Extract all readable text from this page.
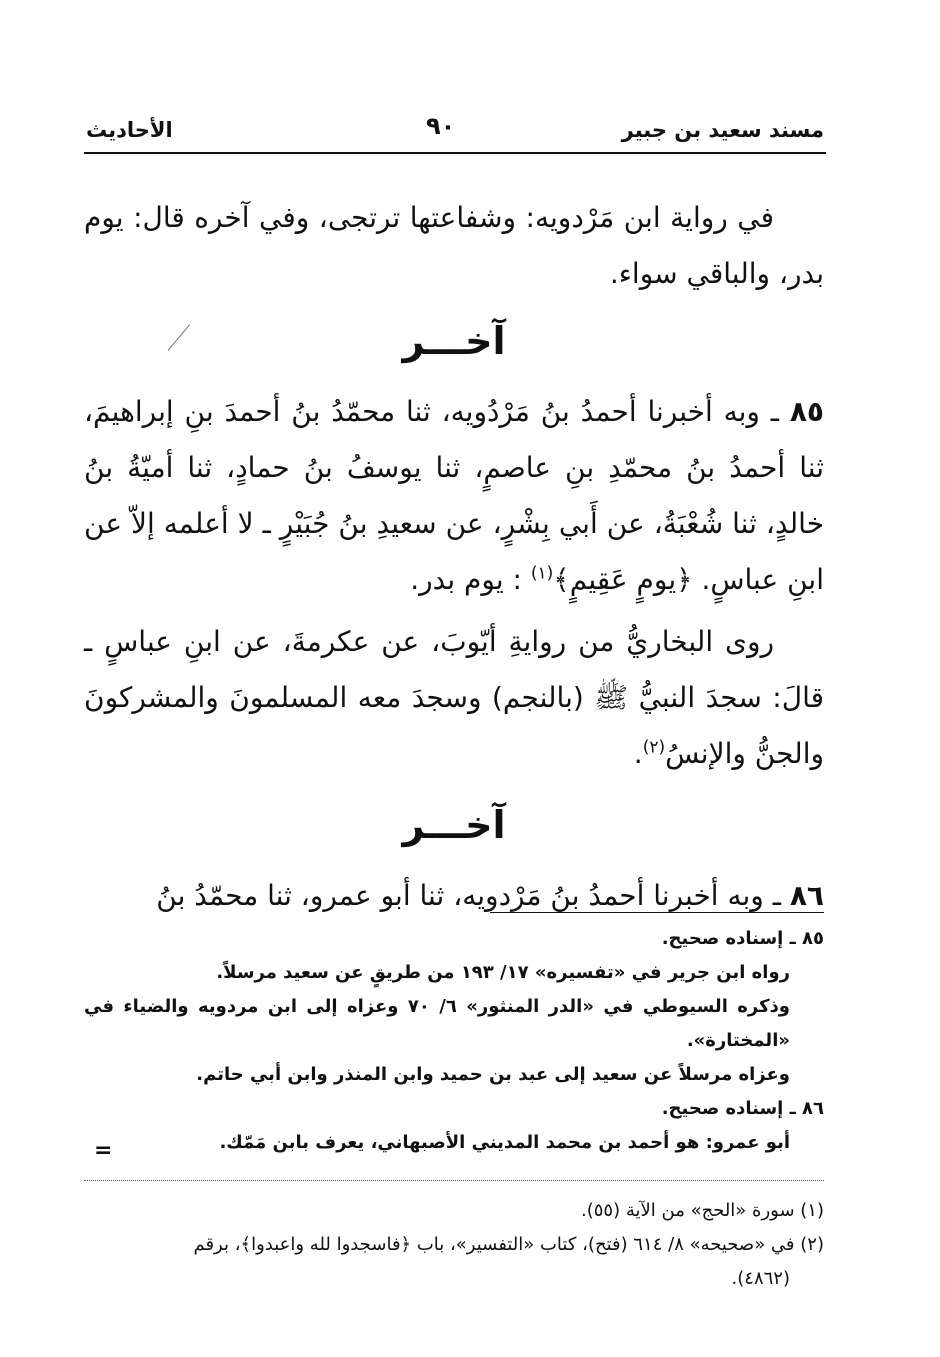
مسند سعيد بن جبير
٩٠
الأحاديث

في رواية ابن مَرْدويه: وشفاعتها ترتجى، وفي آخره قال: يوم بدر، والباقي سواء.

آخـــر

٨٥ ـ وبه أخبرنا أحمدُ بنُ مَرْدُويه، ثنا محمّدُ بنُ أحمدَ بنِ إبراهيمَ، ثنا أحمدُ بنُ محمّدِ بنِ عاصمٍ، ثنا يوسفُ بنُ حمادٍ، ثنا أميّةُ بنُ خالدٍ، ثنا شُعْبَةُ، عن أَبي بِشْرٍ، عن سعيدِ بنُ جُبَيْرٍ ـ لا أعلمه إلاّ عن ابنِ عباسٍ. ﴿يومٍ عَقِيمٍ﴾$^{(١)}$ : يوم بدر.

روى البخاريُّ من روايةِ أيّوبَ، عن عكرمةَ، عن ابنِ عباسٍ ـ قالَ: سجدَ النبيُّ ﷺ (بالنجم) وسجدَ معه المسلمونَ والمشركونَ والجنُّ والإنسُ$^{(٢)}$.

آخـــر

٨٦ ـ وبه أخبرنا أحمدُ بنُ مَرْدويه، ثنا أبو عمرو، ثنا محمّدُ بنُ

٨٥ ـ إسناده صحيح.

رواه ابن جرير في «تفسيره» ١٧/ ١٩٣ من طريقٍ عن سعيد مرسلاً.

وذكره السيوطي في «الدر المنثور» ٦/ ٧٠ وعزاه إلى ابن مردويه والضياء في «المختارة».

وعزاه مرسلاً عن سعيد إلى عبد بن حميد وابن المنذر وابن أبي حاتم.

٨٦ ـ إسناده صحيح.

أبو عمرو: هو أحمد بن محمد المديني الأصبهاني، يعرف بابن مَمّك.

=

(١) سورة «الحج» من الآية (٥٥).

(٢) في «صحيحه» ٨/ ٦١٤ (فتح)، كتاب «التفسير»، باب ﴿فاسجدوا لله واعبدوا﴾، برقم

(٤٨٦٢).
